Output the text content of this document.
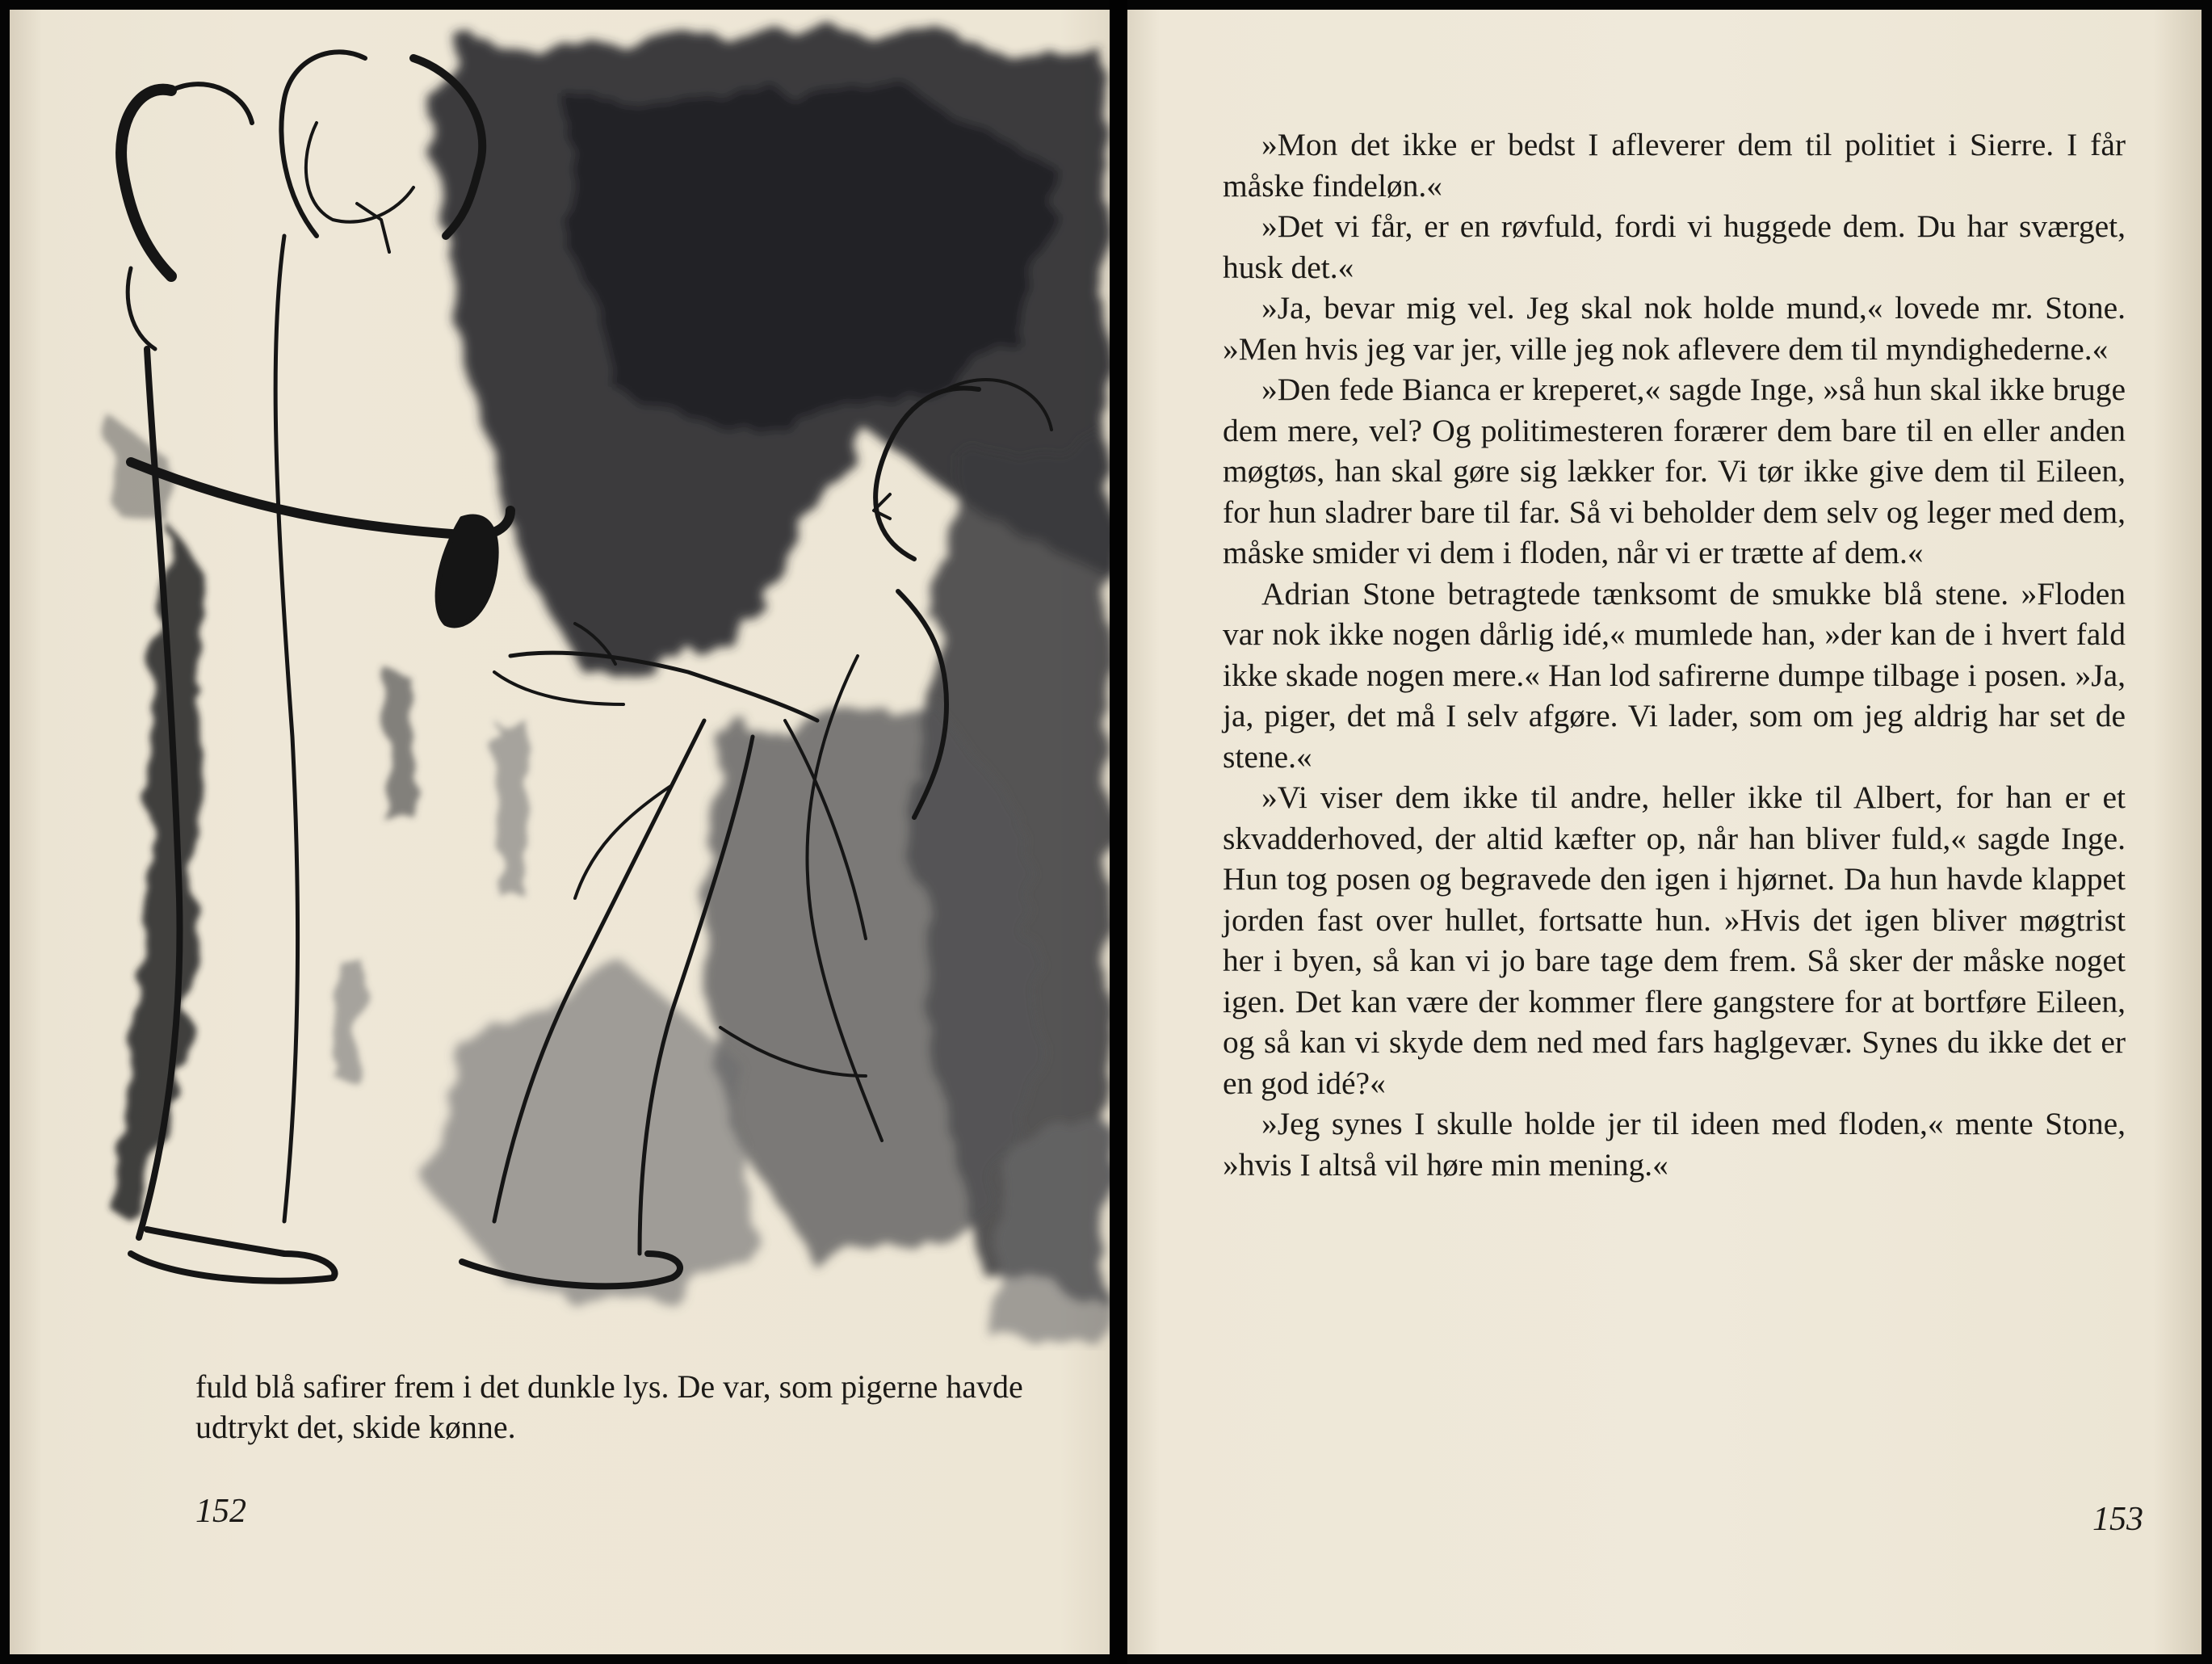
fuld blå safirer frem i det dunkle lys. De var, som pigerne havde udtrykt det, skide kønne.

152

»Mon det ikke er bedst I afleverer dem til politiet i Sierre. I får måske findeløn.«

»Det vi får, er en røvfuld, fordi vi huggede dem. Du har sværget, husk det.«

»Ja, bevar mig vel. Jeg skal nok holde mund,« lovede mr. Stone. »Men hvis jeg var jer, ville jeg nok aflevere dem til myndighederne.«

»Den fede Bianca er kreperet,« sagde Inge, »så hun skal ikke bruge dem mere, vel? Og politimesteren forærer dem bare til en eller anden møgtøs, han skal gøre sig lækker for. Vi tør ikke give dem til Eileen, for hun sladrer bare til far. Så vi beholder dem selv og leger med dem, måske smider vi dem i floden, når vi er trætte af dem.«

Adrian Stone betragtede tænksomt de smukke blå stene. »Floden var nok ikke nogen dårlig idé,« mumlede han, »der kan de i hvert fald ikke skade nogen mere.« Han lod safirerne dumpe tilbage i posen. »Ja, ja, piger, det må I selv afgøre. Vi lader, som om jeg aldrig har set de stene.«

»Vi viser dem ikke til andre, heller ikke til Albert, for han er et skvadderhoved, der altid kæfter op, når han bliver fuld,« sagde Inge. Hun tog posen og begravede den igen i hjørnet. Da hun havde klappet jorden fast over hullet, fortsatte hun. »Hvis det igen bliver møgtrist her i byen, så kan vi jo bare tage dem frem. Så sker der måske noget igen. Det kan være der kommer flere gangstere for at bortføre Eileen, og så kan vi skyde dem ned med fars haglgevær. Synes du ikke det er en god idé?«

»Jeg synes I skulle holde jer til ideen med floden,« mente Stone, »hvis I altså vil høre min mening.«

153
